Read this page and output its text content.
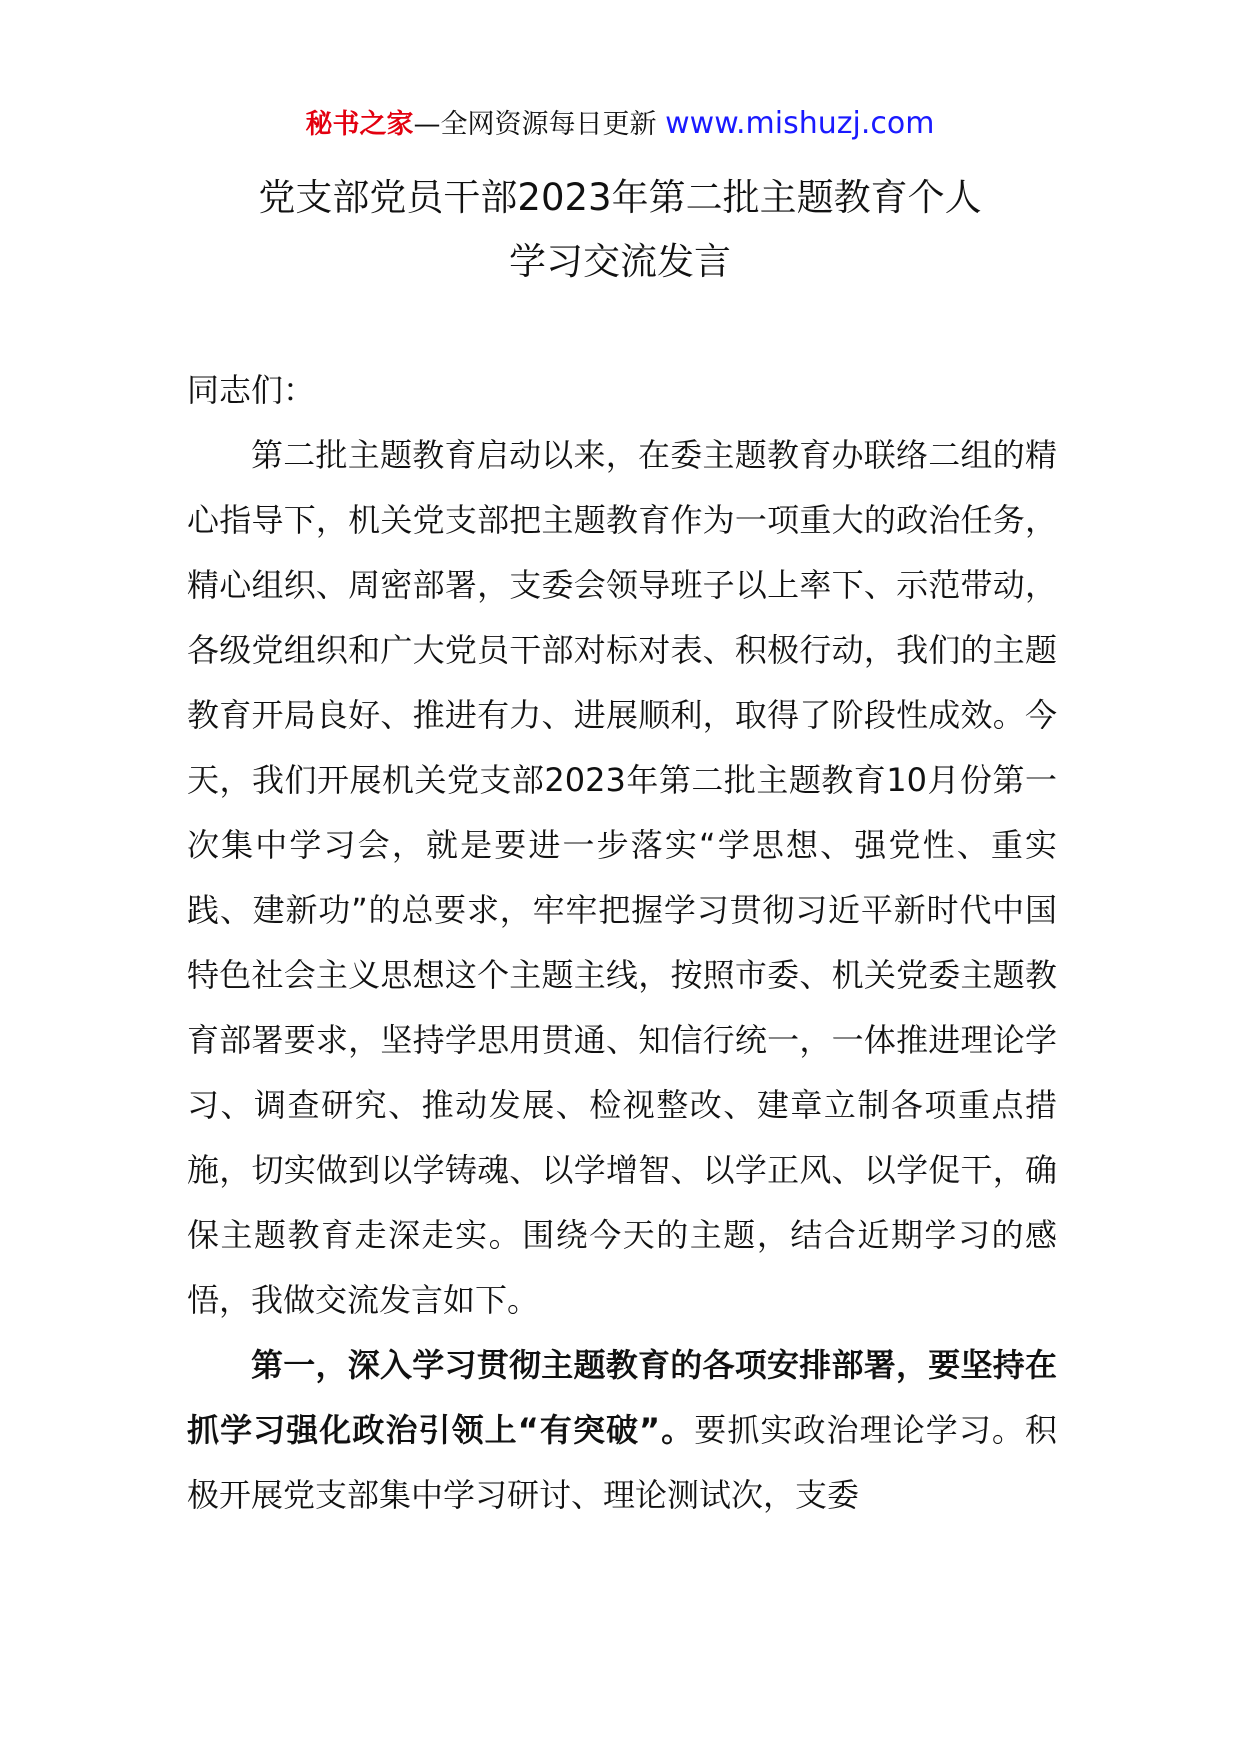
秘书之家—全网资源每日更新 www.mishuzj.com
党支部党员干部2023年第二批主题教育个人
学习交流发言

同志们：

第二批主题教育启动以来，在委主题教育办联络二组的精心指导下，机关党支部把主题教育作为一项重大的政治任务，精心组织、周密部署，支委会领导班子以上率下、示范带动，各级党组织和广大党员干部对标对表、积极行动，我们的主题教育开局良好、推进有力、进展顺利，取得了阶段性成效。今天，我们开展机关党支部2023年第二批主题教育10月份第一次集中学习会，就是要进一步落实“学思想、强党性、重实践、建新功”的总要求，牢牢把握学习贯彻习近平新时代中国特色社会主义思想这个主题主线，按照市委、机关党委主题教育部署要求，坚持学思用贯通、知信行统一，一体推进理论学习、调查研究、推动发展、检视整改、建章立制各项重点措施，切实做到以学铸魂、以学增智、以学正风、以学促干，确保主题教育走深走实。围绕今天的主题，结合近期学习的感悟，我做交流发言如下。

第一，深入学习贯彻主题教育的各项安排部署，要坚持在抓学习强化政治引领上“有突破”。要抓实政治理论学习。积极开展党支部集中学习研讨、理论测试次，支委
